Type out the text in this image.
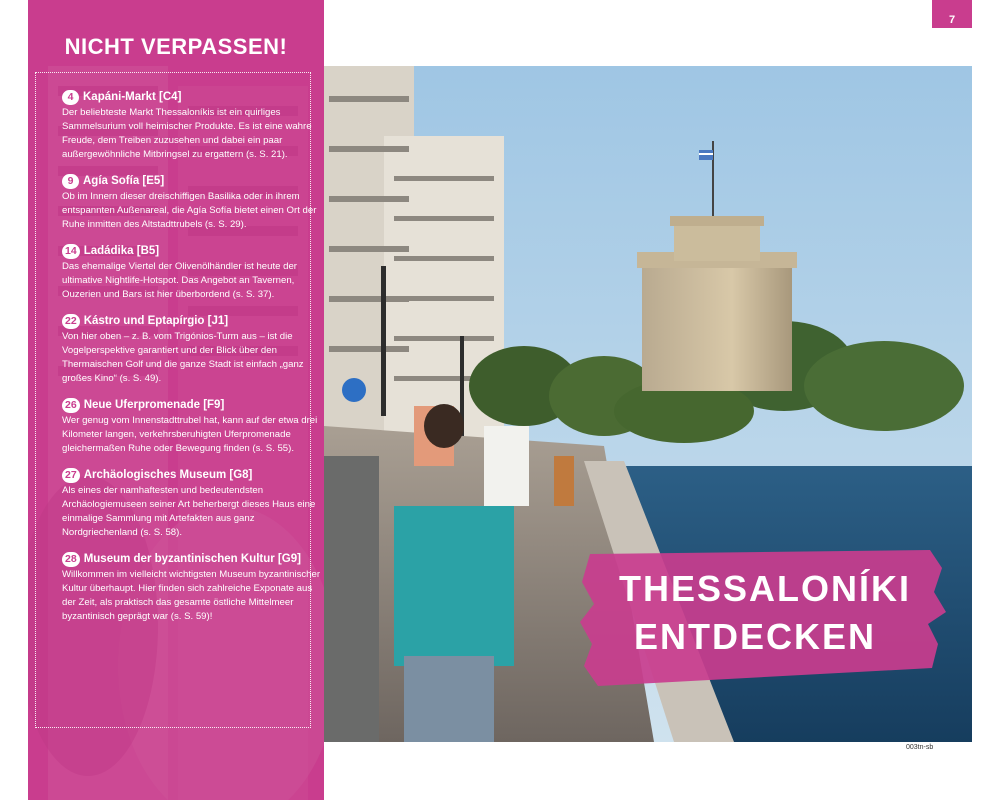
7
NICHT VERPASSEN!
4 Kapáni-Markt [C4]
Der beliebteste Markt Thessaloníkis ist ein quirliges Sammelsurium voll heimischer Produkte. Es ist eine wahre Freude, dem Treiben zuzusehen und dabei ein paar außergewöhnliche Mitbringsel zu ergattern (s. S. 21).
9 Agía Sofía [E5]
Ob im Innern dieser dreischiffigen Basilika oder in ihrem entspannten Außenareal, die Agía Sofía bietet einen Ort der Ruhe inmitten des Altstadttrubels (s. S. 29).
14 Ladádika [B5]
Das ehemalige Viertel der Olivenölhändler ist heute der ultimative Nightlife-Hotspot. Das Angebot an Tavernen, Ouzerien und Bars ist hier überbordend (s. S. 37).
22 Kástro und Eptapírgio [J1]
Von hier oben – z. B. vom Trigónios-Turm aus – ist die Vogelperspektive garantiert und der Blick über den Thermaischen Golf und die ganze Stadt ist einfach „ganz großes Kino“ (s. S. 49).
26 Neue Uferpromenade [F9]
Wer genug vom Innenstadttrubel hat, kann auf der etwa drei Kilometer langen, verkehrsberuhigten Uferpromenade gleichermaßen Ruhe oder Bewegung finden (s. S. 55).
27 Archäologisches Museum [G8]
Als eines der namhaftesten und bedeutendsten Archäologiemuseen seiner Art beherbergt dieses Haus eine einmalige Sammlung mit Artefakten aus ganz Nordgriechenland (s. S. 58).
28 Museum der byzantinischen Kultur [G9]
Willkommen im vielleicht wichtigsten Museum byzantinischer Kultur überhaupt. Hier finden sich zahlreiche Exponate aus der Zeit, als praktisch das gesamte östliche Mittelmeer byzantinisch geprägt war (s. S. 59)!
003tn-sb
THESSALONÍKI
ENTDECKEN
